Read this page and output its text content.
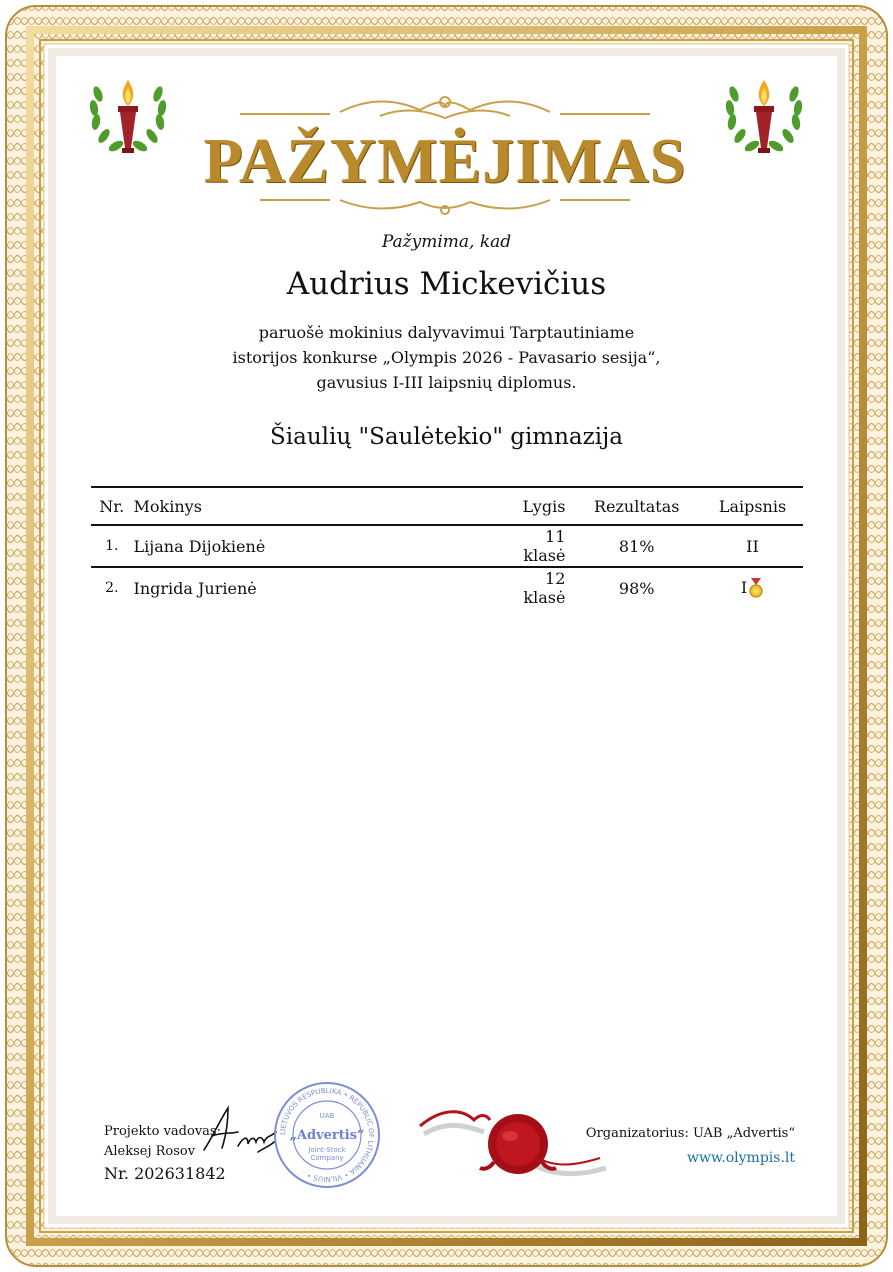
PAŽYMĖJIMAS
Pažymima, kad
Audrius Mickevičius
paruošė mokinius dalyvavimui Tarptautiniame
istorijos konkurse „Olympis 2026 - Pavasario sesija“,
gavusius I-III laipsnių diplomus.
Šiaulių "Saulėtekio" gimnazija
Nr.	Mokinys	Lygis	Rezultatas	Laipsnis
1.	Lijana Dijokienė	11 klasė	81%	II
2.	Ingrida Jurienė	12 klasė	98%	I
Projekto vadovas:
Aleksej Rosov
Nr. 202631842
LIETUVOS RESPUBLIKA • REPUBLIC OF LITHUANIA • VILNIUS •
UAB
„Advertis“
Joint-Stock
Company
Organizatorius: UAB „Advertis“
www.olympis.lt
